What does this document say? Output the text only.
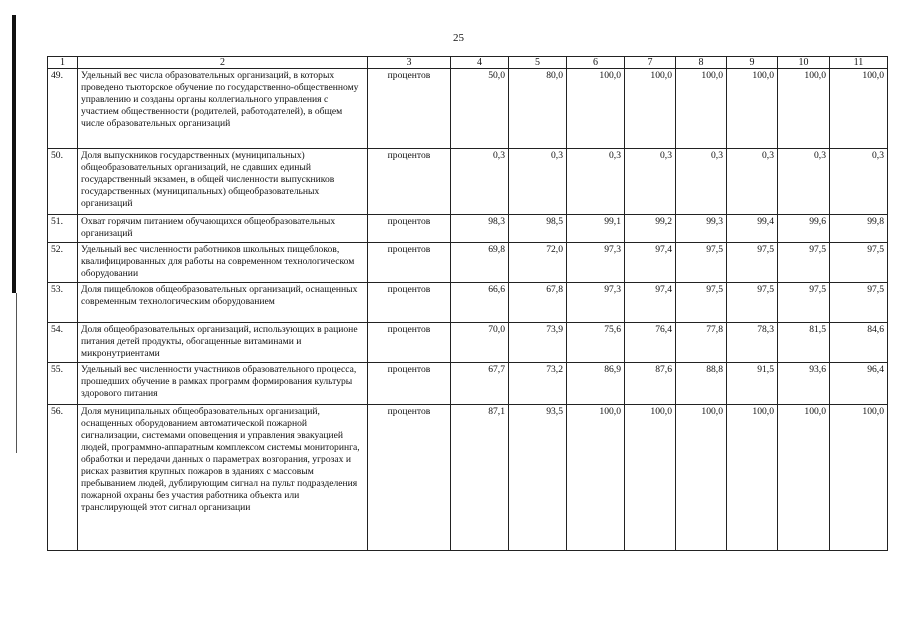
25
1	2	3	4	5	6	7	8	9	10	11
49.	Удельный вес числа образовательных организаций, в которых проведено тьюторское обучение по государственно-общественному управлению и созданы органы коллегиального управления с участием общественности (родителей, работодателей), в общем числе образовательных организаций	процентов	50,0	80,0	100,0	100,0	100,0	100,0	100,0	100,0
50.	Доля выпускников государственных (муниципальных) общеобразовательных организаций, не сдавших единый государственный экзамен, в общей численности выпускников государственных (муниципальных) общеобразовательных организаций	процентов	0,3	0,3	0,3	0,3	0,3	0,3	0,3	0,3
51.	Охват горячим питанием обучающихся общеобразовательных организаций	процентов	98,3	98,5	99,1	99,2	99,3	99,4	99,6	99,8
52.	Удельный вес численности работников школьных пищеблоков, квалифицированных для работы на современном технологическом оборудовании	процентов	69,8	72,0	97,3	97,4	97,5	97,5	97,5	97,5
53.	Доля пищеблоков общеобразовательных организаций, оснащенных современным технологическим оборудованием	процентов	66,6	67,8	97,3	97,4	97,5	97,5	97,5	97,5
54.	Доля общеобразовательных организаций, использующих в рационе питания детей продукты, обогащенные витаминами и микронутриентами	процентов	70,0	73,9	75,6	76,4	77,8	78,3	81,5	84,6
55.	Удельный вес численности участников образовательного процесса, прошедших обучение в рамках программ формирования культуры здорового питания	процентов	67,7	73,2	86,9	87,6	88,8	91,5	93,6	96,4
56.	Доля муниципальных общеобразовательных организаций, оснащенных оборудованием автоматической пожарной сигнализации, системами оповещения и управления эвакуацией людей, программно-аппаратным комплексом системы мониторинга, обработки и передачи данных о параметрах возгорания, угрозах и рисках развития крупных пожаров в зданиях с массовым пребыванием людей, дублирующим сигнал на пульт подразделения пожарной охраны без участия работника объекта или транслирующей этот сигнал организации	процентов	87,1	93,5	100,0	100,0	100,0	100,0	100,0	100,0
